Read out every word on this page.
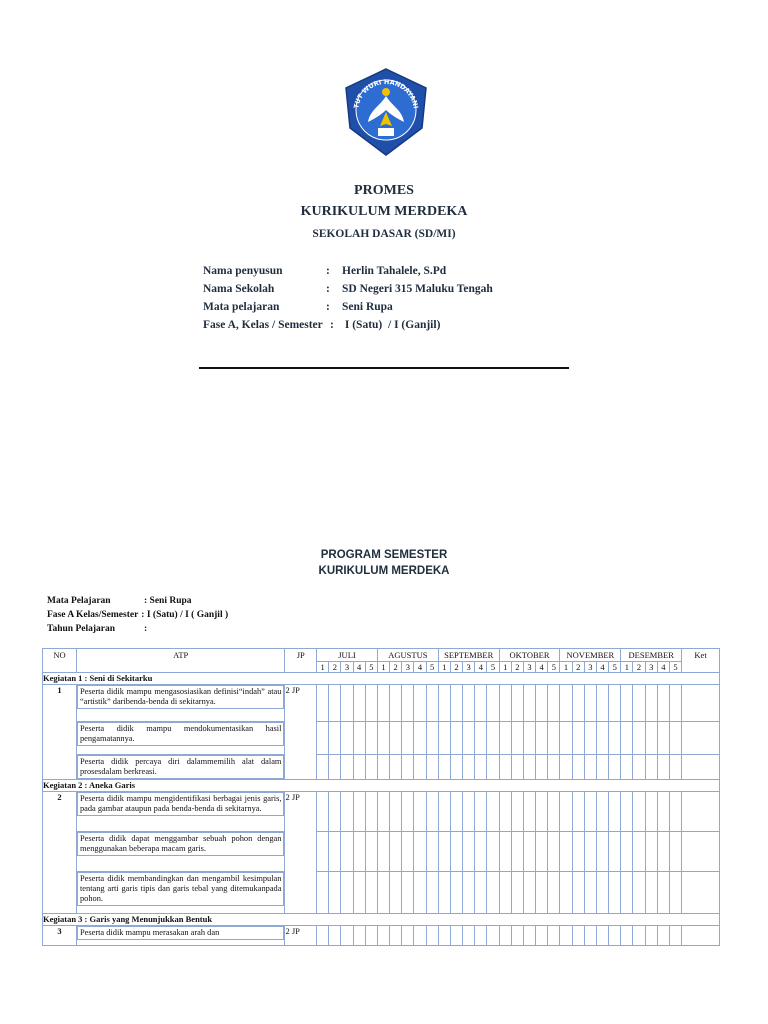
TUT WURI HANDAYANI
PROMES
KURIKULUM MERDEKA
SEKOLAH DASAR (SD/MI)
Nama penyusun	: Herlin Tahalele, S.Pd
Nama Sekolah	: SD Negeri 315 Maluku Tengah
Mata pelajaran	: Seni Rupa
Fase A, Kelas / Semester : I (Satu)  / I (Ganjil)
PROGRAM SEMESTER
KURIKULUM MERDEKA
Mata Pelajaran	: Seni Rupa
Fase A Kelas/Semester : I (Satu) / I ( Ganjil )
Tahun Pelajaran	:
NO	ATP	JP	JULI					AGUSTUS					SEPTEMBER					OKTOBER					NOVEMBER					DESEMBER					Ket
			1	2	3	4	5	1	2	3	4	5	1	2	3	4	5	1	2	3	4	5	1	2	3	4	5	1	2	3	4	5	
Kegiatan 1 : Seni di Sekitarku																																	
1	Peserta didik mampu mengasosiasikan definisi“indah” atau “artistik” daribenda-benda di sekitarnya.	2 JP																															

	Peserta didik mampu mendokumentasikan hasil pengamatannya.																																

	Peserta didik percaya diri dalammemilih alat dalam prosesdalam berkreasi.																																

Kegiatan 2 : Aneka Garis																																	
2	Peserta didik mampu mengidentifikasi berbagai jenis garis, pada gambar ataupun pada benda-benda di sekitarnya.	2 JP																															

	Peserta didik dapat menggambar sebuah pohon dengan menggunakan beberapa macam garis.																																

	Peserta didik membandingkan dan mengambil kesimpulan tentang arti garis tipis dan garis tebal yang ditemukanpada pohon.																																

Kegiatan 3 : Garis yang Menunjukkan Bentuk																																	
3	Peserta didik mampu merasakan arah dan	2 JP																															
